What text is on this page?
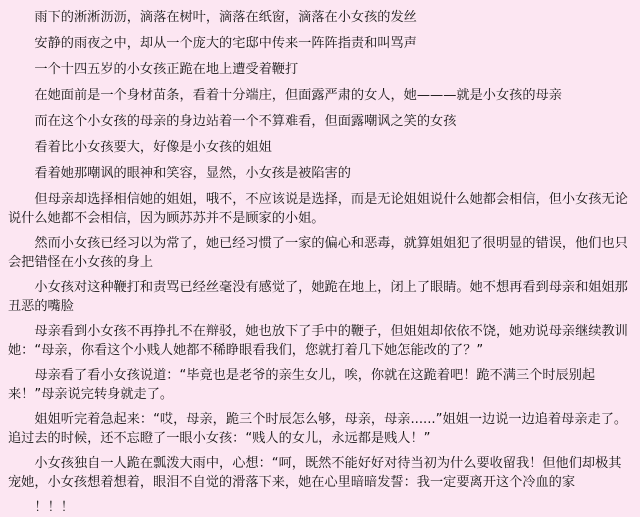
雨下的淅淅沥沥，滴落在树叶，滴落在纸窗，滴落在小女孩的发丝

安静的雨夜之中，却从一个庞大的宅邸中传来一阵阵指责和叫骂声

一个十四五岁的小女孩正跪在地上遭受着鞭打

在她面前是一个身材苗条，看着十分端庄，但面露严肃的女人，她———就是小女孩的母亲

而在这个小女孩的母亲的身边站着一个不算难看，但面露嘲讽之笑的女孩

看着比小女孩要大，好像是小女孩的姐姐

看着她那嘲讽的眼神和笑容，显然，小女孩是被陷害的

但母亲却选择相信她的姐姐，哦不，不应该说是选择，而是无论姐姐说什么她都会相信，但小女孩无论说什么她都不会相信，因为顾苏苏并不是顾家的小姐。

然而小女孩已经习以为常了，她已经习惯了一家的偏心和恶毒，就算姐姐犯了很明显的错误，他们也只会把错怪在小女孩的身上

小女孩对这种鞭打和责骂已经丝毫没有感觉了，她跪在地上，闭上了眼睛。她不想再看到母亲和姐姐那丑恶的嘴脸

母亲看到小女孩不再挣扎不在辩驳，她也放下了手中的鞭子，但姐姐却依依不饶，她劝说母亲继续教训她：“母亲，你看这个小贱人她都不稀睁眼看我们，您就打着几下她怎能改的了？”

母亲看了看小女孩说道：“毕竟也是老爷的亲生女儿，唉，你就在这跪着吧！跪不满三个时辰别起来！”母亲说完转身就走了。

姐姐听完着急起来：“哎，母亲，跪三个时辰怎么够，母亲，母亲......”姐姐一边说一边追着母亲走了。追过去的时候，还不忘瞪了一眼小女孩：“贱人的女儿，永远都是贱人！”

小女孩独自一人跪在瓢泼大雨中，心想：“呵，既然不能好好对待当初为什么要收留我！但他们却极其宠她，小女孩想着想着，眼泪不自觉的滑落下来，她在心里暗暗发誓：我一定要离开这个冷血的家

！！！
